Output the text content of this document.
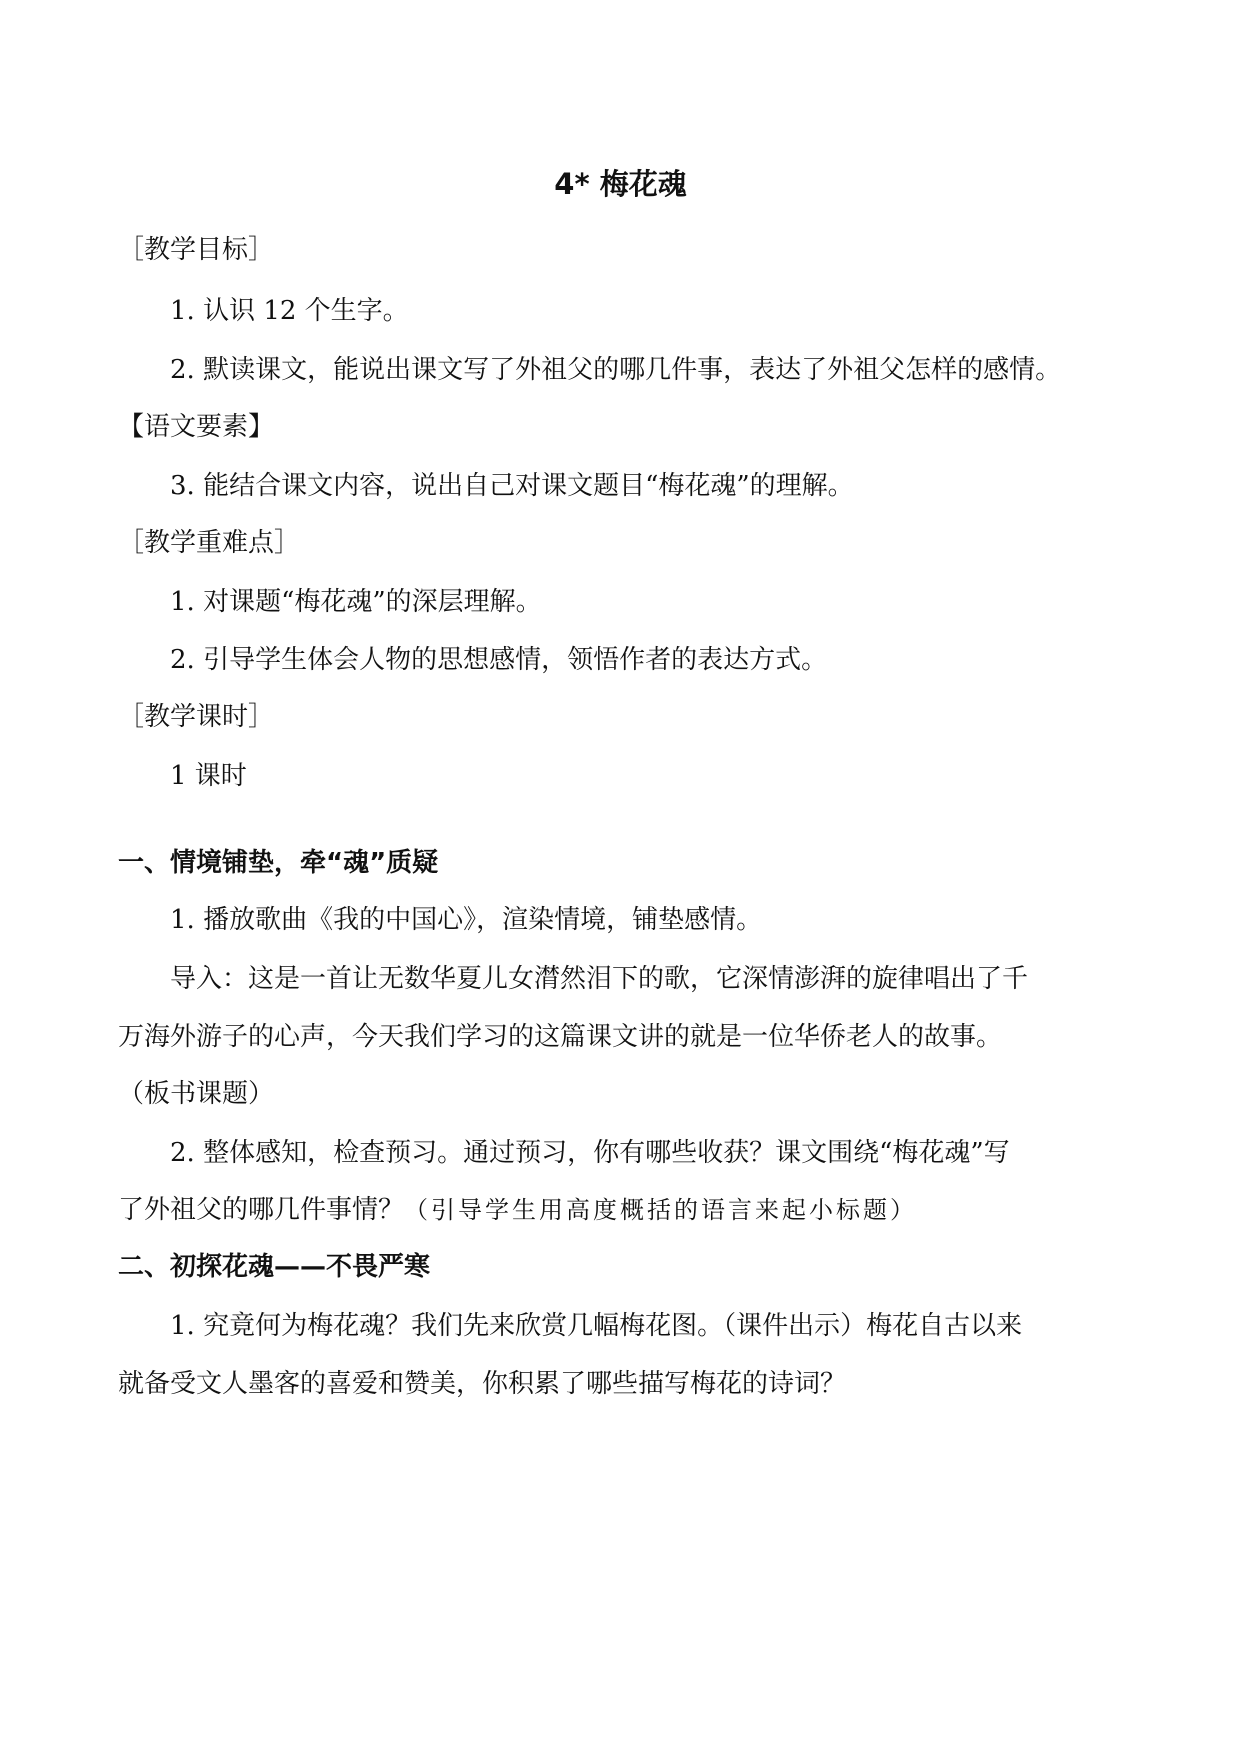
4* 梅花魂
［教学目标］
1. 认识 12 个生字。
2. 默读课文，能说出课文写了外祖父的哪几件事，表达了外祖父怎样的感情。
【语文要素】
3. 能结合课文内容，说出自己对课文题目“梅花魂”的理解。
［教学重难点］
1. 对课题“梅花魂”的深层理解。
2. 引导学生体会人物的思想感情，领悟作者的表达方式。
［教学课时］
1 课时
一、情境铺垫，牵“魂”质疑
1. 播放歌曲《我的中国心》，渲染情境，铺垫感情。
导入：这是一首让无数华夏儿女潸然泪下的歌，它深情澎湃的旋律唱出了千
万海外游子的心声，今天我们学习的这篇课文讲的就是一位华侨老人的故事。
（板书课题）
2. 整体感知，检查预习。通过预习，你有哪些收获？课文围绕“梅花魂”写
了外祖父的哪几件事情？（引导学生用高度概括的语言来起小标题）
二、初探花魂——不畏严寒
1. 究竟何为梅花魂？我们先来欣赏几幅梅花图。（课件出示）梅花自古以来
就备受文人墨客的喜爱和赞美，你积累了哪些描写梅花的诗词？
